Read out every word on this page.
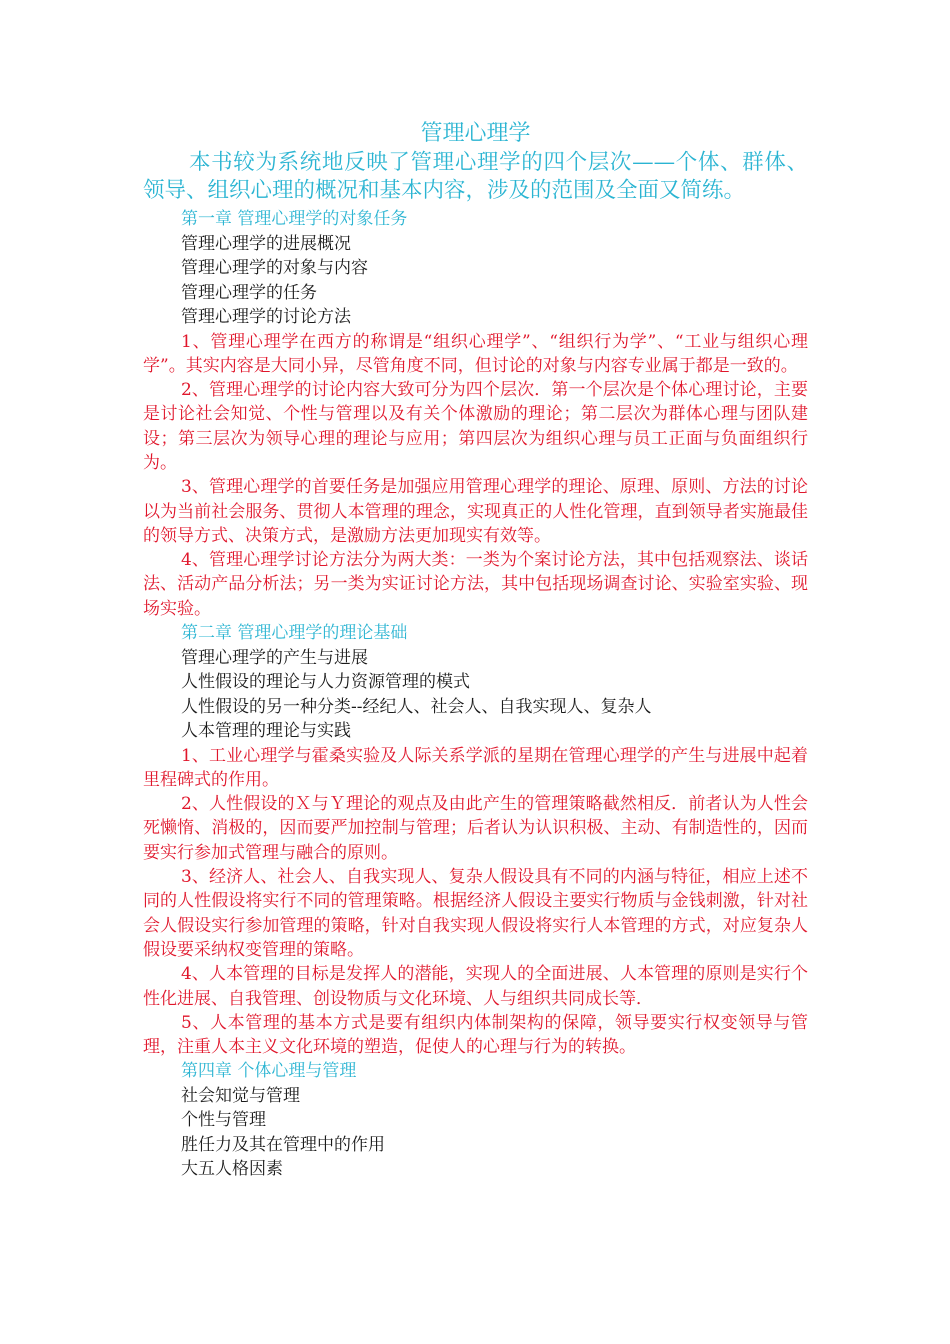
管理心理学

本书较为系统地反映了管理心理学的四个层次——个体、群体、领导、组织心理的概况和基本内容，涉及的范围及全面又简练。

第一章 管理心理学的对象任务

管理心理学的进展概况

管理心理学的对象与内容

管理心理学的任务

管理心理学的讨论方法

1、管理心理学在西方的称谓是“组织心理学”、“组织行为学”、“工业与组织心理学”。其实内容是大同小异，尽管角度不同，但讨论的对象与内容专业属于都是一致的。

2、管理心理学的讨论内容大致可分为四个层次．第一个层次是个体心理讨论，主要是讨论社会知觉、个性与管理以及有关个体激励的理论；第二层次为群体心理与团队建设；第三层次为领导心理的理论与应用；第四层次为组织心理与员工正面与负面组织行为。

3、管理心理学的首要任务是加强应用管理心理学的理论、原理、原则、方法的讨论以为当前社会服务、贯彻人本管理的理念，实现真正的人性化管理，直到领导者实施最佳的领导方式、决策方式，是激励方法更加现实有效等。

4、管理心理学讨论方法分为两大类：一类为个案讨论方法，其中包括观察法、谈话法、活动产品分析法；另一类为实证讨论方法，其中包括现场调查讨论、实验室实验、现场实验。

第二章 管理心理学的理论基础

管理心理学的产生与进展

人性假设的理论与人力资源管理的模式

人性假设的另一种分类--经纪人、社会人、自我实现人、复杂人

人本管理的理论与实践

1、工业心理学与霍桑实验及人际关系学派的星期在管理心理学的产生与进展中起着里程碑式的作用。

2、人性假设的Ｘ与Ｙ理论的观点及由此产生的管理策略截然相反．前者认为人性会死懒惰、消极的，因而要严加控制与管理；后者认为认识积极、主动、有制造性的，因而要实行参加式管理与融合的原则。

3、经济人、社会人、自我实现人、复杂人假设具有不同的内涵与特征，相应上述不同的人性假设将实行不同的管理策略。根据经济人假设主要实行物质与金钱刺激，针对社会人假设实行参加管理的策略，针对自我实现人假设将实行人本管理的方式，对应复杂人假设要采纳权变管理的策略。

4、人本管理的目标是发挥人的潜能，实现人的全面进展、人本管理的原则是实行个性化进展、自我管理、创设物质与文化环境、人与组织共同成长等．

5、人本管理的基本方式是要有组织内体制架构的保障，领导要实行权变领导与管理，注重人本主义文化环境的塑造，促使人的心理与行为的转换。

第四章 个体心理与管理

社会知觉与管理

个性与管理

胜任力及其在管理中的作用

大五人格因素
